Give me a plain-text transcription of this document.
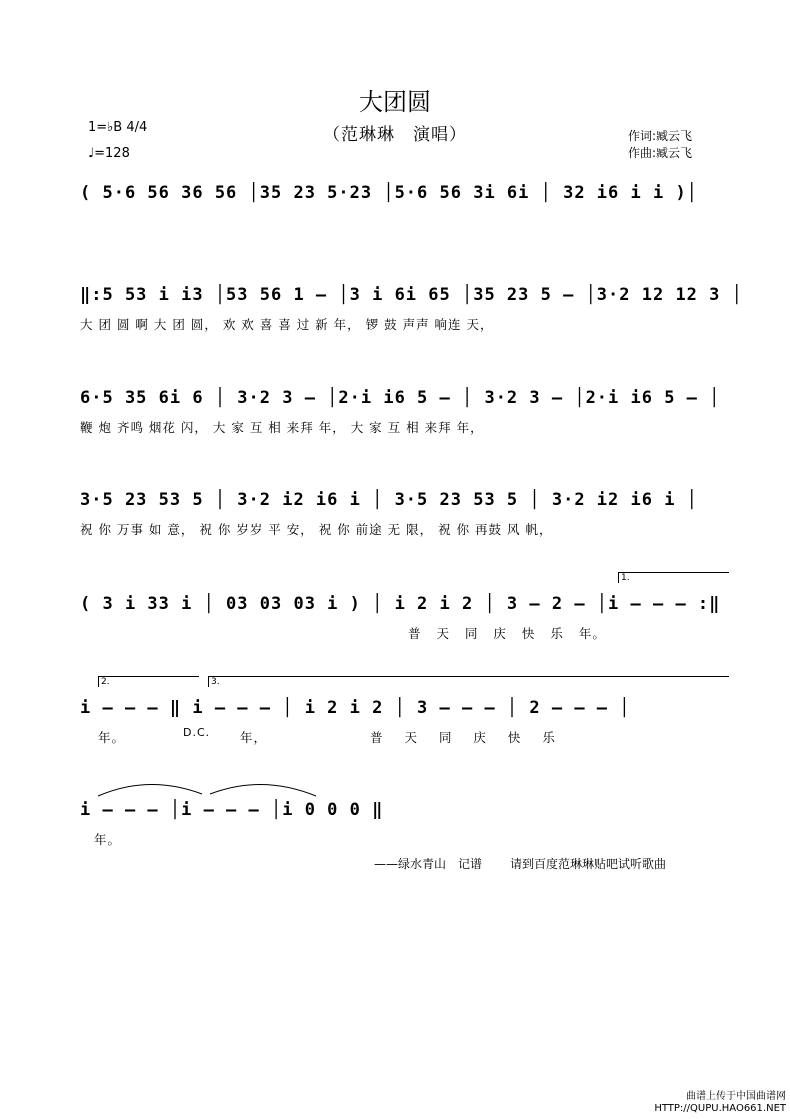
大团圆
（范琳琳　演唱）	作词:臧云飞
作曲:臧云飞
1=♭B 4/4
♩=128
( 5·6 56 36 56 │35 23 5·23 │5·6 56 3i 6i │ 32 i6 i i )│
‖:5 53 i i3 │53 56 1 – │3 i 6i 65 │35 23 5 – │3·2 12 12 3 │
大 团 圆 啊 大 团 圆， 欢 欢 喜 喜 过 新 年， 锣 鼓 声声 响连 天，
6·5 35 6i 6 │ 3·2 3 – │2·i i6 5 – │ 3·2 3 – │2·i i6 5 – │
鞭 炮 齐鸣 烟花 闪， 大 家 互 相 来拜 年， 大 家 互 相 来拜 年，
3·5 23 53 5 │ 3·2 i2 i6 i │ 3·5 23 53 5 │ 3·2 i2 i6 i │
祝 你 万事 如 意， 祝 你 岁岁 平 安， 祝 你 前途 无 限， 祝 你 再鼓 风 帆，
1.
( 3 i 33 i │ 03 03 03 i ) │ i 2 i 2 │ 3 – 2 – │i – – – :‖
普 天 同 庆 快 乐 年。
2.	3.
i – – – ‖ i – – – │ i 2 i 2 │ 3 – – – │ 2 – – – │
年。	D.C. 年，	普 天 同 庆 快 乐
i – – – │i – – – │i 0 0 0 ‖
年。
——绿水青山　记谱 请到百度范琳琳贴吧试听歌曲
曲谱上传于中国曲谱网
HTTP://QUPU.HAO661.NET
